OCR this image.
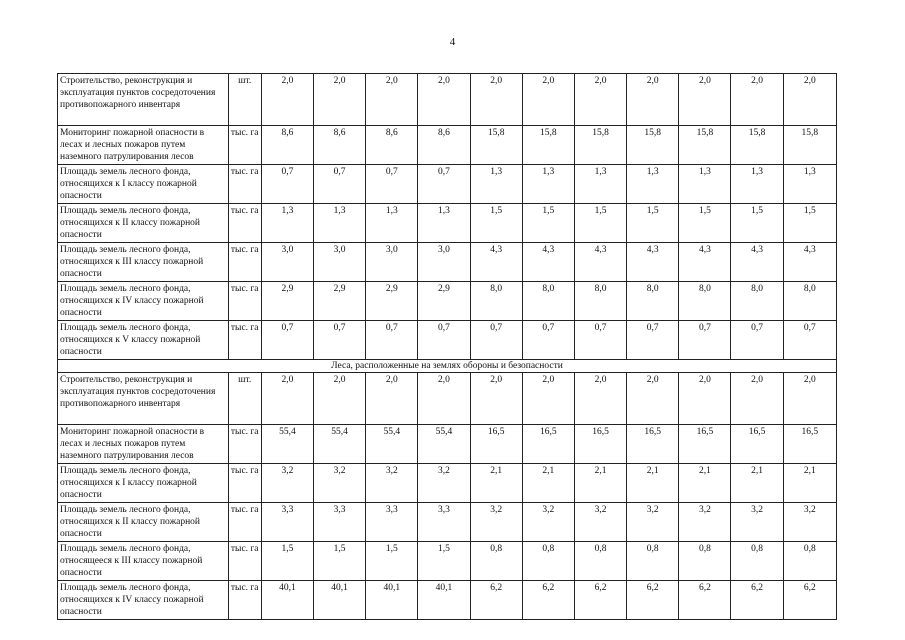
4
Строительство, реконструкция и эксплуатация пунктов сосредоточения противопожарного инвентаря	шт.	2,0	2,0	2,0	2,0	2,0	2,0	2,0	2,0	2,0	2,0	2,0
Мониторинг пожарной опасности в лесах и лесных пожаров путем наземного патрулирования лесов	тыс. га	8,6	8,6	8,6	8,6	15,8	15,8	15,8	15,8	15,8	15,8	15,8
Площадь земель лесного фонда, относящихся к I классу пожарной опасности	тыс. га	0,7	0,7	0,7	0,7	1,3	1,3	1,3	1,3	1,3	1,3	1,3
Площадь земель лесного фонда, относящихся к II классу пожарной опасности	тыс. га	1,3	1,3	1,3	1,3	1,5	1,5	1,5	1,5	1,5	1,5	1,5
Площадь земель лесного фонда, относящихся к III классу пожарной опасности	тыс. га	3,0	3,0	3,0	3,0	4,3	4,3	4,3	4,3	4,3	4,3	4,3
Площадь земель лесного фонда, относящихся к IV классу пожарной опасности	тыс. га	2,9	2,9	2,9	2,9	8,0	8,0	8,0	8,0	8,0	8,0	8,0
Площадь земель лесного фонда, относящихся к V классу пожарной опасности	тыс. га	0,7	0,7	0,7	0,7	0,7	0,7	0,7	0,7	0,7	0,7	0,7
Леса, расположенные на землях обороны и безопасности												
Строительство, реконструкция и эксплуатация пунктов сосредоточения противопожарного инвентаря	шт.	2,0	2,0	2,0	2,0	2,0	2,0	2,0	2,0	2,0	2,0	2,0
Мониторинг пожарной опасности в лесах и лесных пожаров путем наземного патрулирования лесов	тыс. га	55,4	55,4	55,4	55,4	16,5	16,5	16,5	16,5	16,5	16,5	16,5
Площадь земель лесного фонда, относящихся к I классу пожарной опасности	тыс. га	3,2	3,2	3,2	3,2	2,1	2,1	2,1	2,1	2,1	2,1	2,1
Площадь земель лесного фонда, относящихся к II классу пожарной опасности	тыс. га	3,3	3,3	3,3	3,3	3,2	3,2	3,2	3,2	3,2	3,2	3,2
Площадь земель лесного фонда, относящееся к III классу пожарной опасности	тыс. га	1,5	1,5	1,5	1,5	0,8	0,8	0,8	0,8	0,8	0,8	0,8
Площадь земель лесного фонда, относящихся к IV классу пожарной опасности	тыс. га	40,1	40,1	40,1	40,1	6,2	6,2	6,2	6,2	6,2	6,2	6,2
